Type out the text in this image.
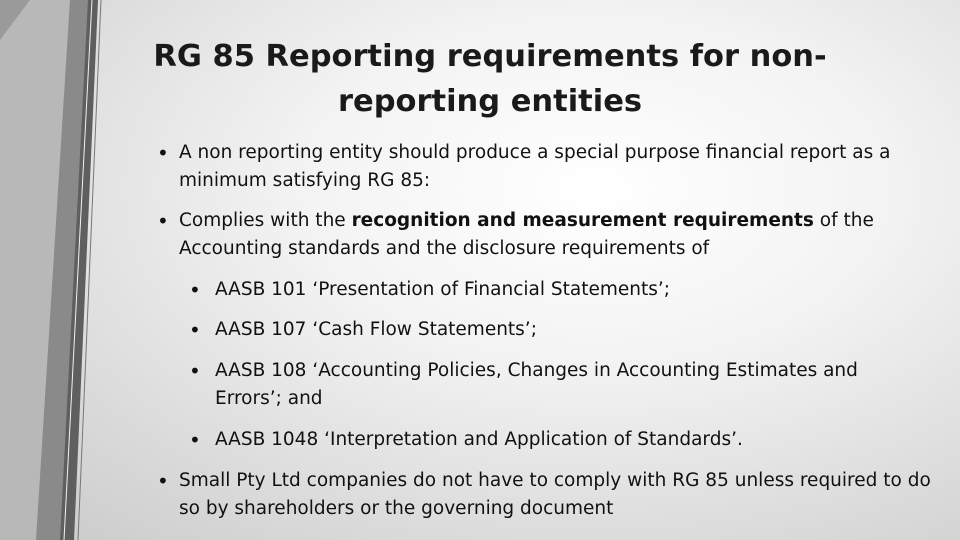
RG 85 Reporting requirements for non-reporting entities
• A non reporting entity should produce a special purpose financial report as a minimum satisfying RG 85:
• Complies with the recognition and measurement requirements of the Accounting standards and the disclosure requirements of
• AASB 101 ‘Presentation of Financial Statements’;
• AASB 107 ‘Cash Flow Statements’;
• AASB 108 ‘Accounting Policies, Changes in Accounting Estimates and Errors’; and
• AASB 1048 ‘Interpretation and Application of Standards’.
• Small Pty Ltd companies do not have to comply with RG 85 unless required to do so by shareholders or the governing document
